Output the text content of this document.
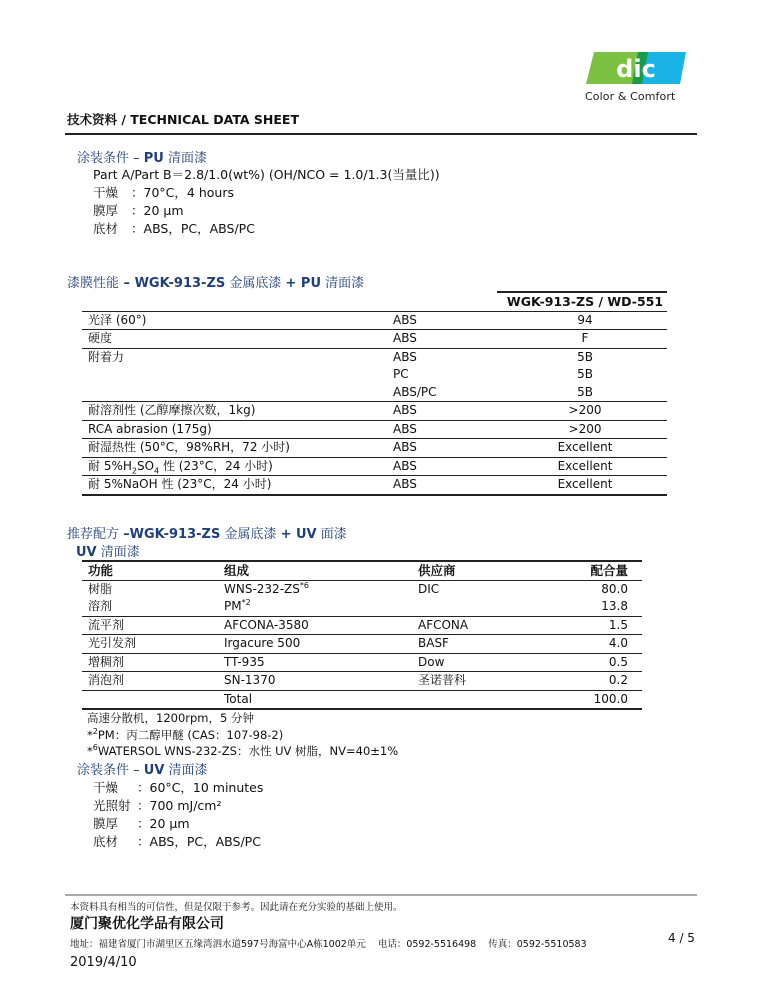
dic
Color & Comfort
技术资料 / TECHNICAL DATA SHEET
涂装条件 – PU 清面漆
Part A/Part B＝2.8/1.0(wt%) (OH/NCO = 1.0/1.3(当量比))
干燥 ：70°C，4 hours
膜厚 ：20 μm
底材 ：ABS，PC，ABS/PC
漆膜性能 – WGK-913-ZS 金属底漆 + PU 清面漆
		WGK-913-ZS / WD-551
光泽 (60°)	ABS	94
硬度	ABS	F
附着力	ABS	5B
	PC	5B
	ABS/PC	5B
耐溶剂性 (乙醇摩擦次数，1kg)	ABS	>200
RCA abrasion (175g)	ABS	>200
耐湿热性 (50°C，98%RH，72 小时)	ABS	Excellent
耐 $5\%H_2SO_4$ 性 (23°C，24 小时)	ABS	Excellent
耐 5%NaOH 性 (23°C，24 小时)	ABS	Excellent
推荐配方 –WGK-913-ZS 金属底漆 + UV 面漆
UV 清面漆
功能	组成	供应商	配合量
树脂	WNS-232-ZS$^{*6}$	DIC	80.0
溶剂	PM$^{*2}$		13.8
流平剂	AFCONA-3580	AFCONA	1.5
光引发剂	Irgacure 500	BASF	4.0
增稠剂	TT-935	Dow	0.5
消泡剂	SN-1370	圣诺普科	0.2
	Total		100.0
高速分散机，1200rpm，5 分钟
*$^2$PM：丙二醇甲醚 (CAS：107-98-2)
*$^6$WATERSOL WNS-232-ZS：水性 UV 树脂，NV=40±1%
涂装条件 – UV 清面漆
干燥 ：60°C，10 minutes
光照射 ：700 mJ/cm²
膜厚 ：20 μm
底材 ：ABS，PC，ABS/PC
本资料具有相当的可信性，但是仅限于参考。因此请在充分实验的基础上使用。
厦门聚优化学品有限公司
地址：福建省厦门市湖里区五缘湾泗水道597号海富中心A栋1002单元 电话：0592-5516498 传真：0592-5510583	4 / 5
2019/4/10
